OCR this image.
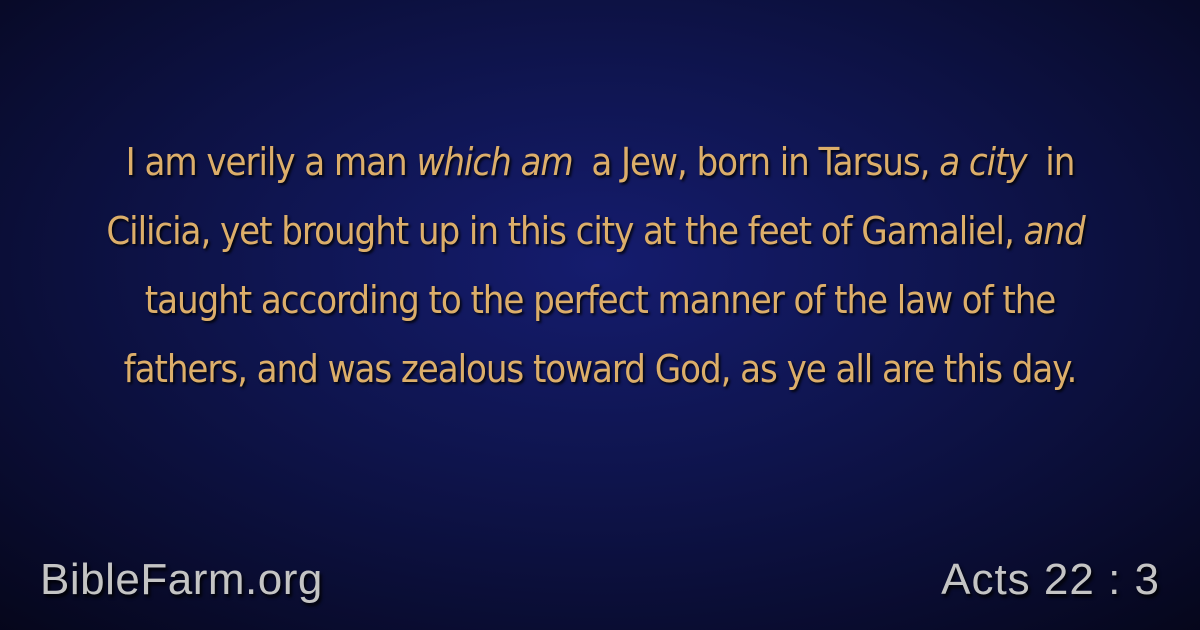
I am verily a man which am a Jew, born in Tarsus, a city in Cilicia, yet brought up in this city at the feet of Gamaliel, and taught according to the perfect manner of the law of the fathers, and was zealous toward God, as ye all are this day.
BibleFarm.org	Acts 22 : 3
